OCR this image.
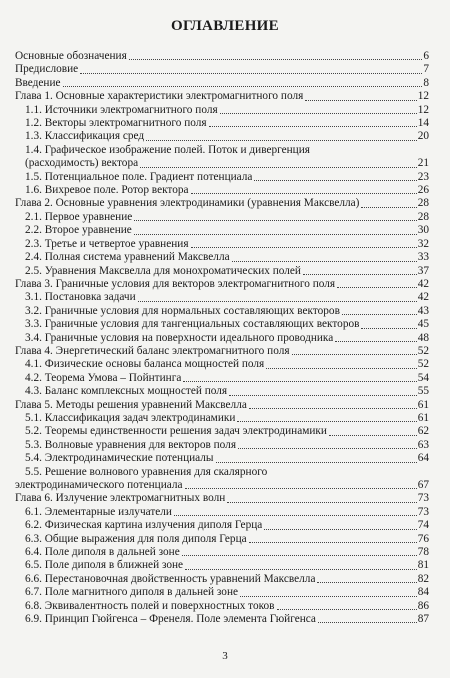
ОГЛАВЛЕНИЕ
Основные обозначения	6
Предисловие	7
Введение	8
Глава 1. Основные характеристики электромагнитного поля	12
1.1. Источники электромагнитного поля	12
1.2. Векторы электромагнитного поля	14
1.3. Классификация сред	20
1.4. Графическое изображение полей. Поток и дивергенция
(расходимость) вектора	21
1.5. Потенциальное поле. Градиент потенциала	23
1.6. Вихревое поле. Ротор вектора	26
Глава 2. Основные уравнения электродинамики (уравнения Максвелла)	28
2.1. Первое уравнение	28
2.2. Второе уравнение	30
2.3. Третье и четвертое уравнения	32
2.4. Полная система уравнений Максвелла	33
2.5. Уравнения Максвелла для монохроматических полей	37
Глава 3. Граничные условия для векторов электромагнитного поля	42
3.1. Постановка задачи	42
3.2. Граничные условия для нормальных составляющих векторов	43
3.3. Граничные условия для тангенциальных составляющих векторов	45
3.4. Граничные условия на поверхности идеального проводника	48
Глава 4. Энергетический баланс электромагнитного поля	52
4.1. Физические основы баланса мощностей поля	52
4.2. Теорема Умова – Пойнтинга	54
4.3. Баланс комплексных мощностей поля	55
Глава 5. Методы решения уравнений Максвелла	61
5.1. Классификация задач электродинамики	61
5.2. Теоремы единственности решения задач электродинамики	62
5.3. Волновые уравнения для векторов поля	63
5.4. Электродинамические потенциалы	64
5.5. Решение волнового уравнения для скалярного
электродинамического потенциала	67
Глава 6. Излучение электромагнитных волн	73
6.1. Элементарные излучатели	73
6.2. Физическая картина излучения диполя Герца	74
6.3. Общие выражения для поля диполя Герца	76
6.4. Поле диполя в дальней зоне	78
6.5. Поле диполя в ближней зоне	81
6.6. Перестановочная двойственность уравнений Максвелла	82
6.7. Поле магнитного диполя в дальней зоне	84
6.8. Эквивалентность полей и поверхностных токов	86
6.9. Принцип Гюйгенса – Френеля. Поле элемента Гюйгенса	87
3
